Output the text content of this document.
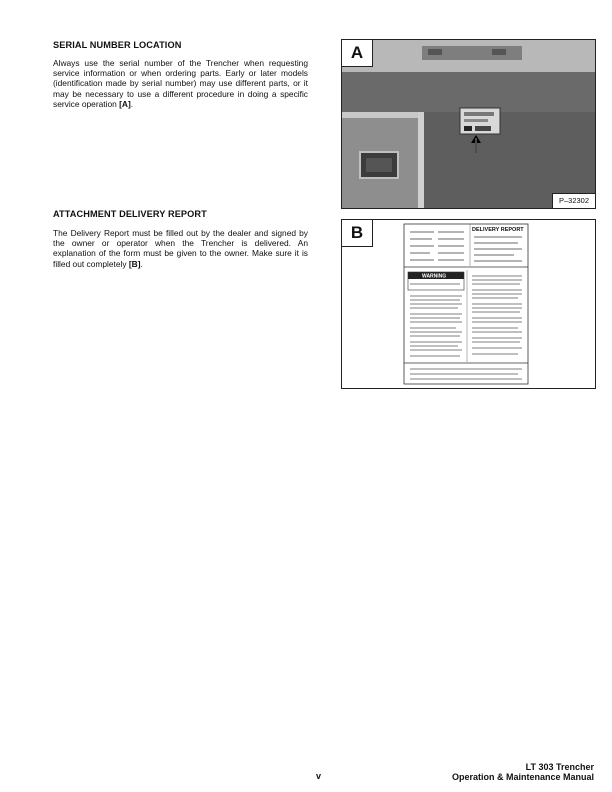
SERIAL NUMBER LOCATION
Always use the serial number of the Trencher when requesting service information or when ordering parts. Early or later models (identification made by serial number) may use different parts, or it may be necessary to use a different procedure in doing a specific service operation [A].
ATTACHMENT DELIVERY REPORT
The Delivery Report must be filled out by the dealer and signed by the owner or operator when the Trencher is delivered. An explanation of the form must be given to the owner. Make sure it is filled out completely [B].
A
P–32302
DELIVERY REPORT
WARNING
B
v
LT 303 Trencher
Operation & Maintenance Manual
